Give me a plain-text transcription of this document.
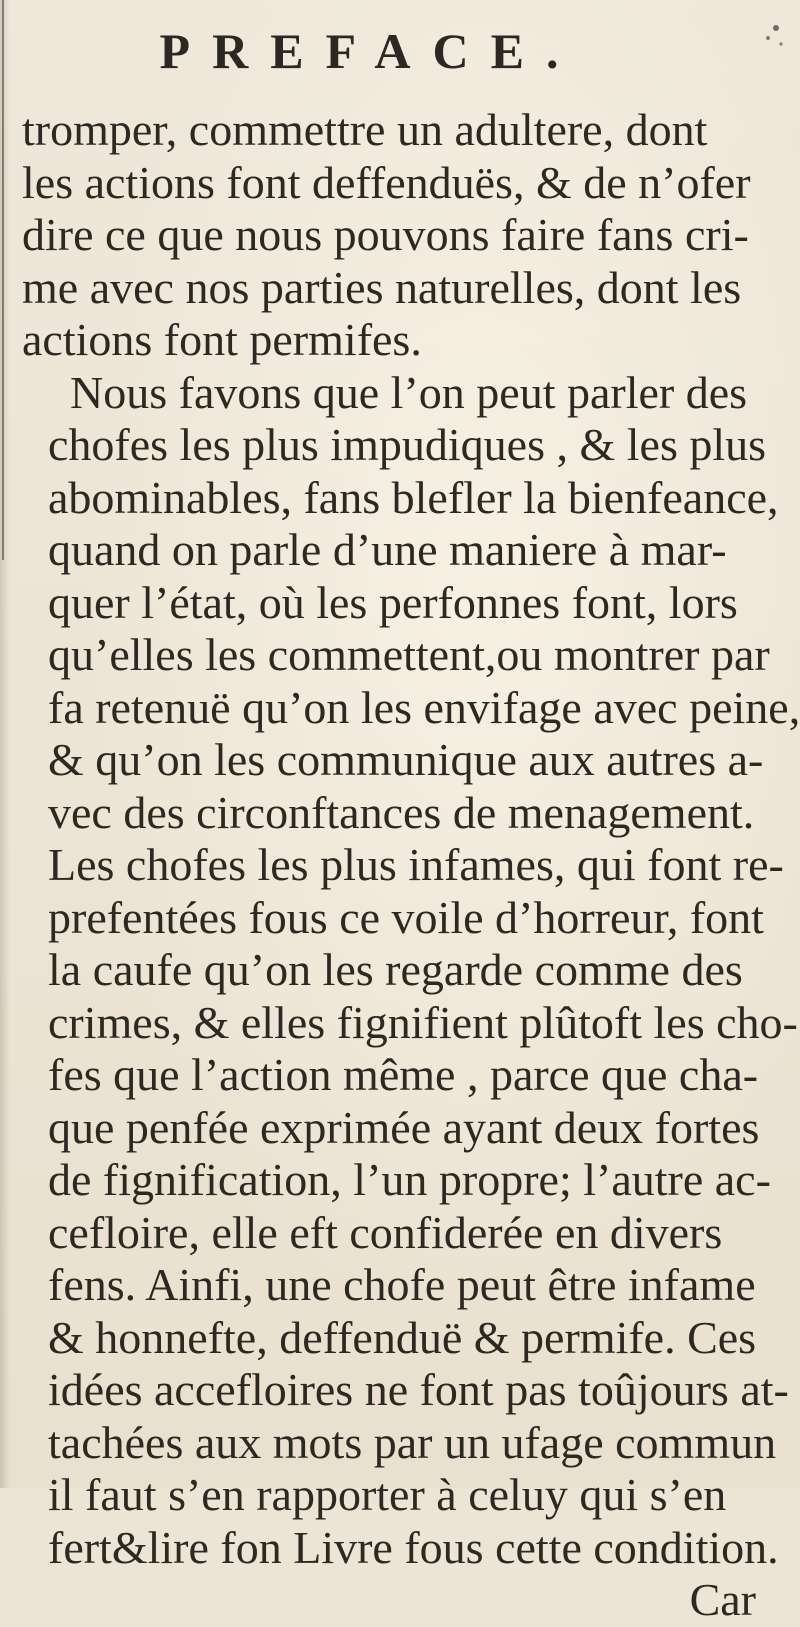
PREFACE.
tromper, commettre un adultere, dont
les actions font deffenduës, & de n’ofer
dire ce que nous pouvons faire fans cri-
me avec nos parties naturelles, dont les
actions font permifes.
Nous favons que l’on peut parler des
chofes les plus impudiques , & les plus
abominables, fans blefler la bienfeance,
quand on parle d’une maniere à mar-
quer l’état, où les perfonnes font, lors
qu’elles les commettent,ou montrer par
fa retenuë qu’on les envifage avec peine,
& qu’on les communique aux autres a-
vec des circonftances de menagement.
Les chofes les plus infames, qui font re-
prefentées fous ce voile d’horreur, font
la caufe qu’on les regarde comme des
crimes, & elles fignifient plûtoft les cho-
fes que l’action même , parce que cha-
que penfée exprimée ayant deux fortes
de fignification, l’un propre; l’autre ac-
cefloire, elle eft confiderée en divers
fens. Ainfi, une chofe peut être infame
& honnefte, deffenduë & permife. Ces
idées accefloires ne font pas toûjours at-
tachées aux mots par un ufage commun
il faut s’en rapporter à celuy qui s’en
fert&lire fon Livre fous cette condition.
Car
